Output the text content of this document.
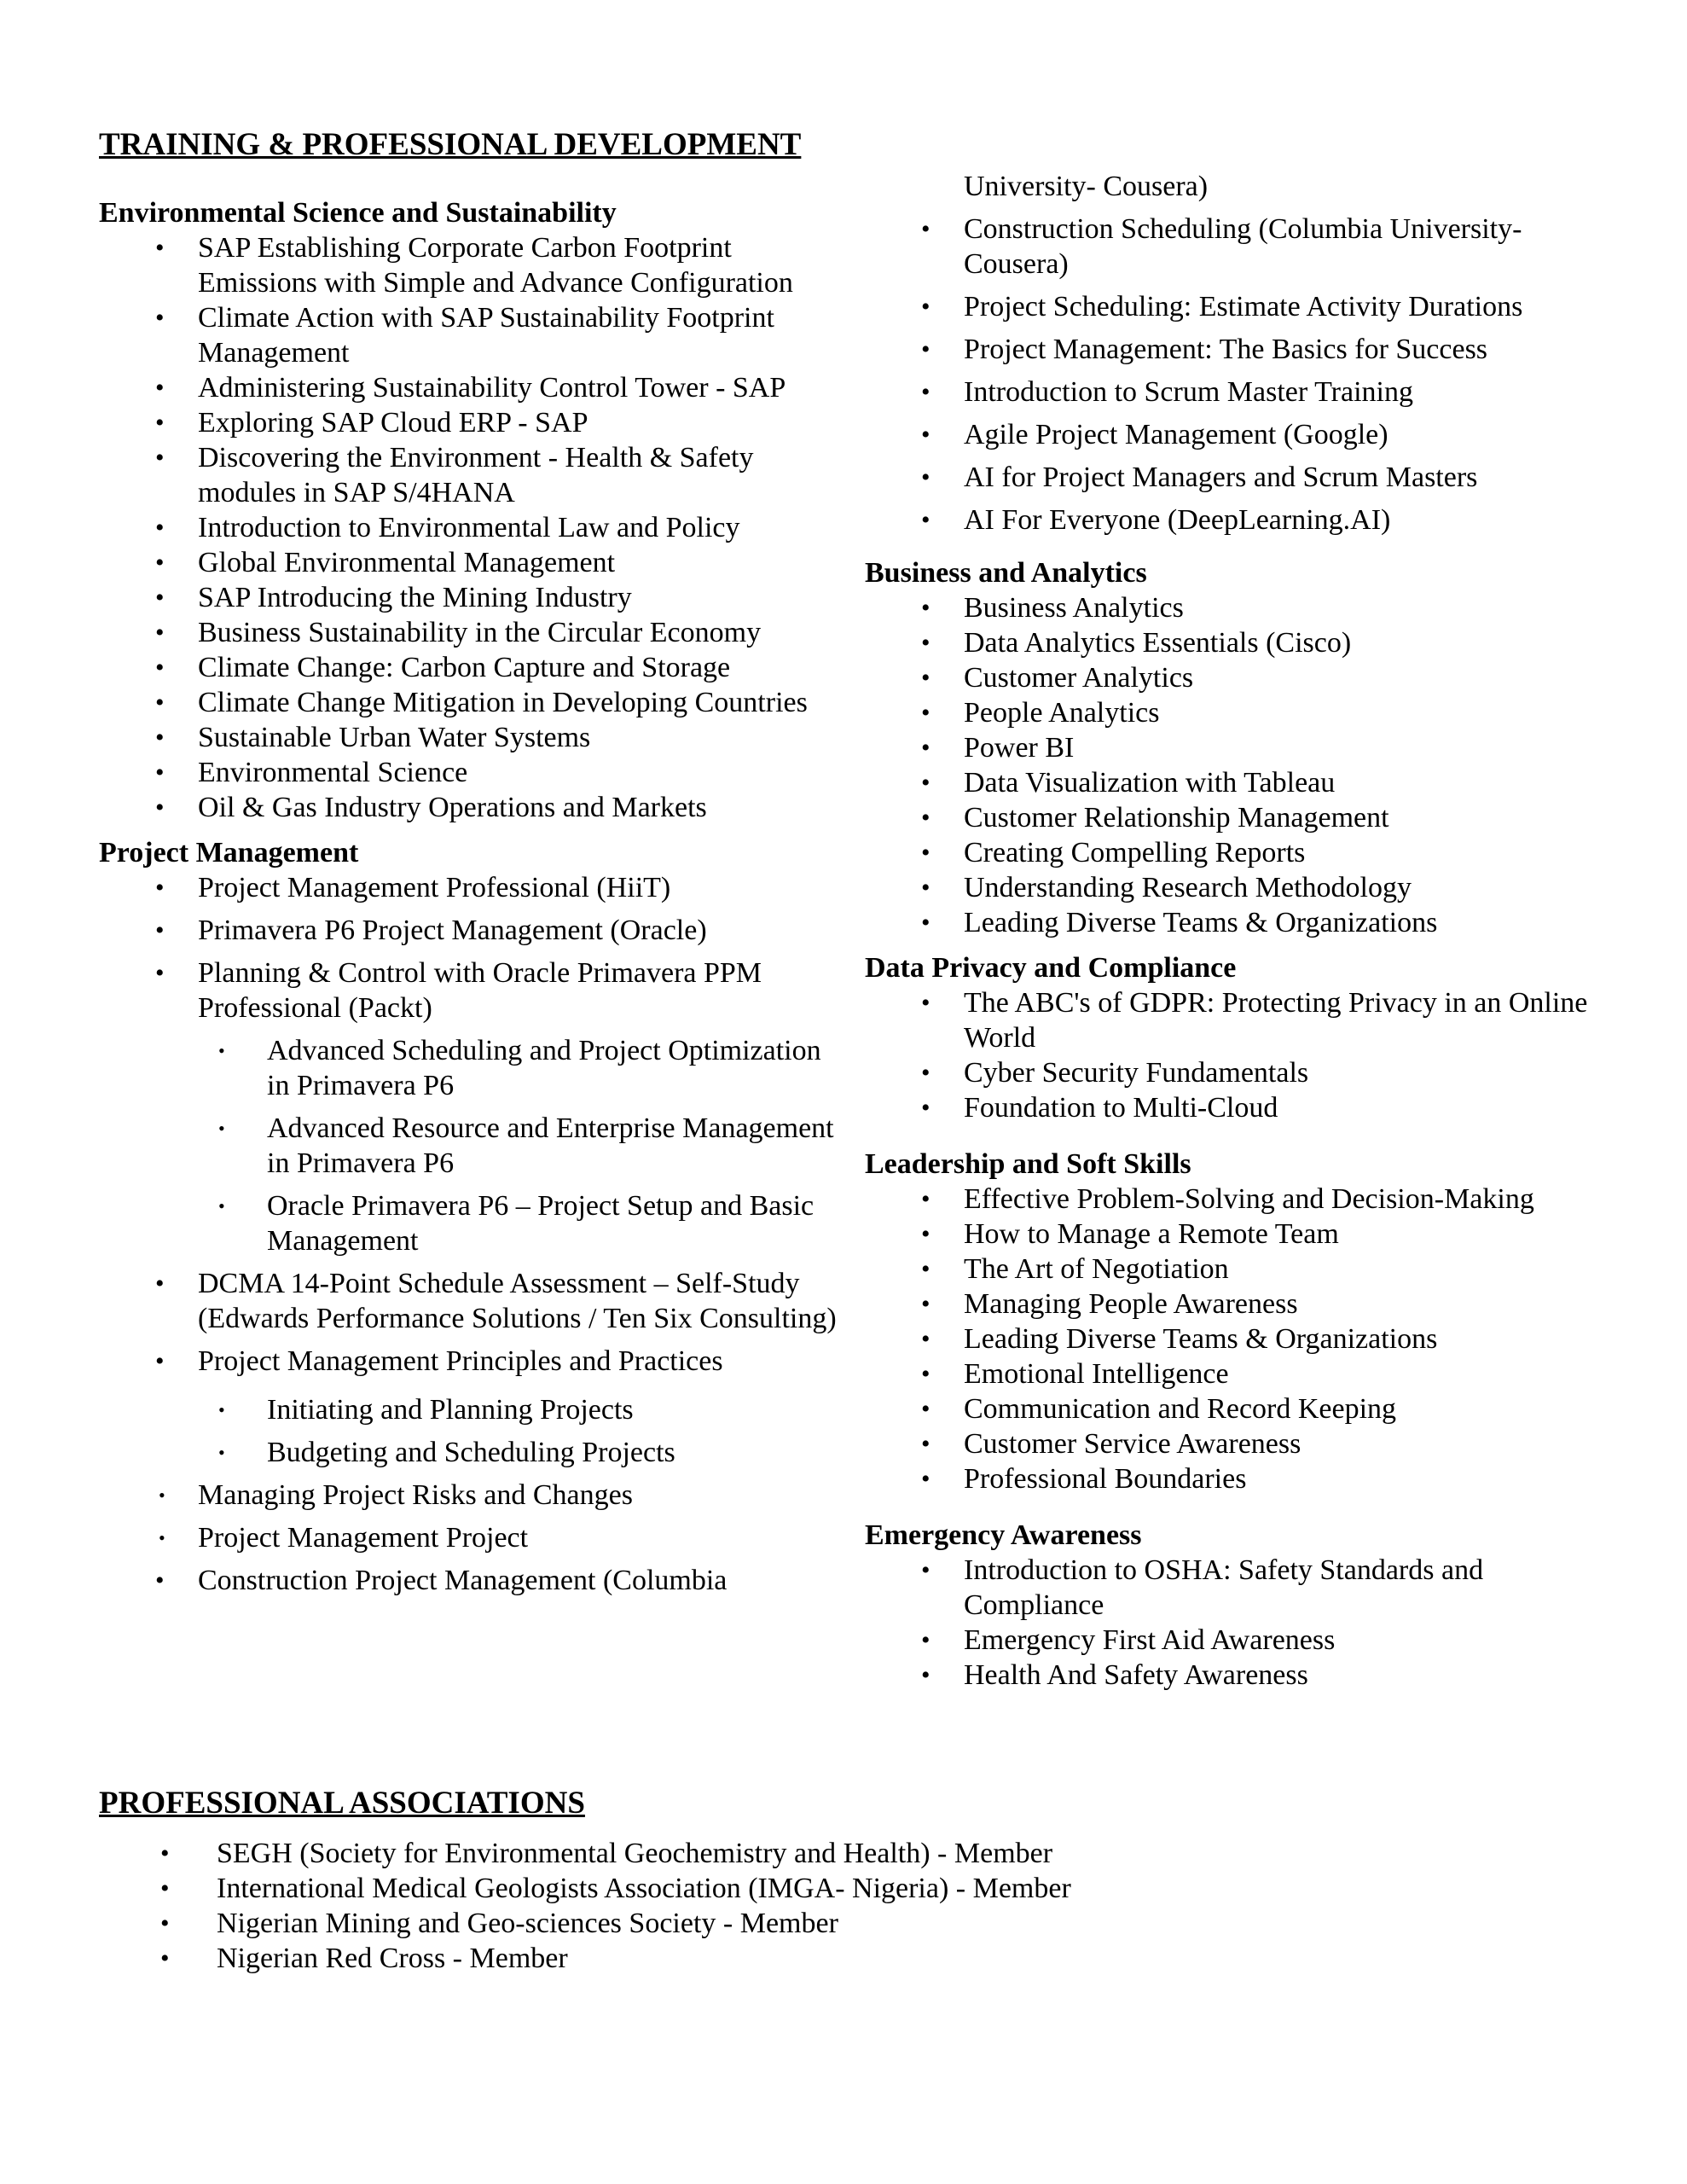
TRAINING & PROFESSIONAL DEVELOPMENT
Environmental Science and Sustainability
• SAP Establishing Corporate Carbon Footprint Emissions with Simple and Advance Configuration
• Climate Action with SAP Sustainability Footprint Management
• Administering Sustainability Control Tower - SAP
• Exploring SAP Cloud ERP - SAP
• Discovering the Environment - Health & Safety modules in SAP S/4HANA
• Introduction to Environmental Law and Policy
• Global Environmental Management
• SAP Introducing the Mining Industry
• Business Sustainability in the Circular Economy
• Climate Change: Carbon Capture and Storage
• Climate Change Mitigation in Developing Countries
• Sustainable Urban Water Systems
• Environmental Science
• Oil & Gas Industry Operations and Markets
Project Management
• Project Management Professional (HiiT)
• Primavera P6 Project Management (Oracle)
• Planning & Control with Oracle Primavera PPM Professional (Packt)
• Advanced Scheduling and Project Optimization in Primavera P6
• Advanced Resource and Enterprise Management in Primavera P6
• Oracle Primavera P6 – Project Setup and Basic Management
• DCMA 14-Point Schedule Assessment – Self-Study (Edwards Performance Solutions / Ten Six Consulting)
• Project Management Principles and Practices
• Initiating and Planning Projects
• Budgeting and Scheduling Projects
• Managing Project Risks and Changes
• Project Management Project
• Construction Project Management (Columbia
University- Cousera)
• Construction Scheduling (Columbia University-Cousera)
• Project Scheduling: Estimate Activity Durations
• Project Management: The Basics for Success
• Introduction to Scrum Master Training
• Agile Project Management (Google)
• AI for Project Managers and Scrum Masters
• AI For Everyone (DeepLearning.AI)
Business and Analytics
• Business Analytics
• Data Analytics Essentials (Cisco)
• Customer Analytics
• People Analytics
• Power BI
• Data Visualization with Tableau
• Customer Relationship Management
• Creating Compelling Reports
• Understanding Research Methodology
• Leading Diverse Teams & Organizations
Data Privacy and Compliance
• The ABC's of GDPR: Protecting Privacy in an Online World
• Cyber Security Fundamentals
• Foundation to Multi-Cloud
Leadership and Soft Skills
• Effective Problem-Solving and Decision-Making
• How to Manage a Remote Team
• The Art of Negotiation
• Managing People Awareness
• Leading Diverse Teams & Organizations
• Emotional Intelligence
• Communication and Record Keeping
• Customer Service Awareness
• Professional Boundaries
Emergency Awareness
• Introduction to OSHA: Safety Standards and Compliance
• Emergency First Aid Awareness
• Health And Safety Awareness
PROFESSIONAL ASSOCIATIONS
• SEGH (Society for Environmental Geochemistry and Health) - Member
• International Medical Geologists Association (IMGA- Nigeria) - Member
• Nigerian Mining and Geo-sciences Society - Member
• Nigerian Red Cross - Member
